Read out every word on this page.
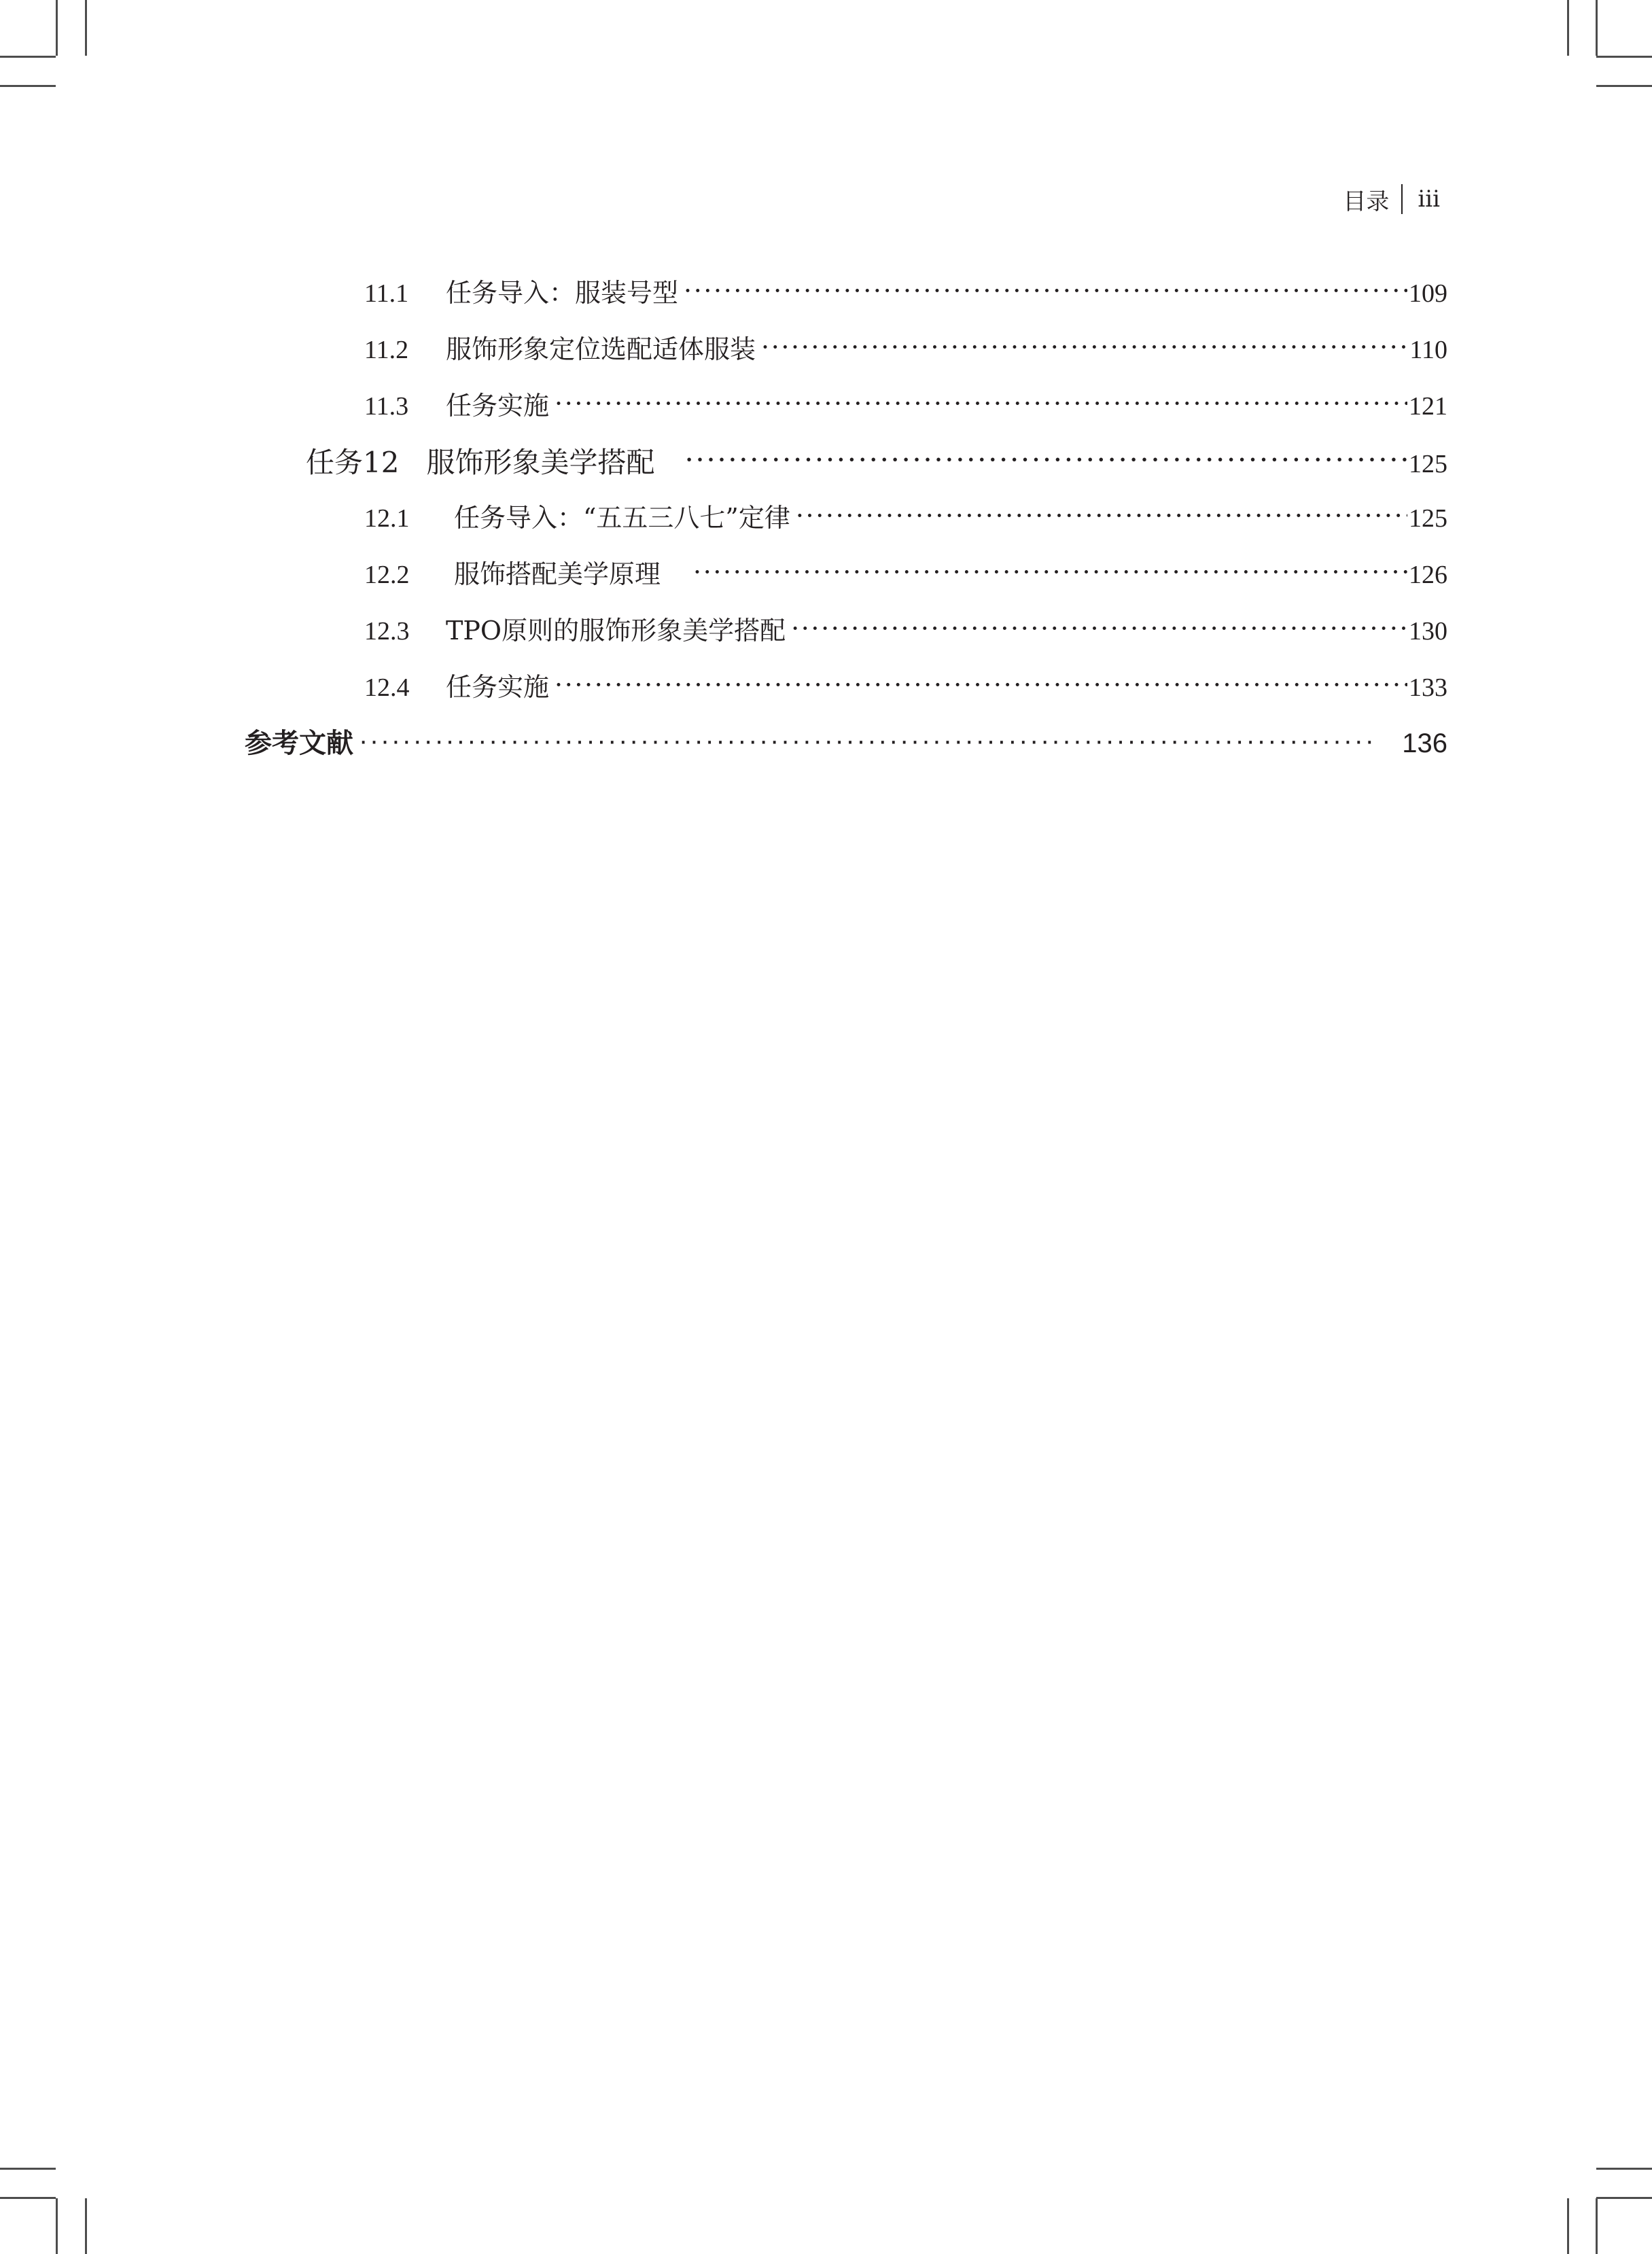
目录 iii
11.1	任务导入：服装号型 ·····	109
11.2	服饰形象定位选配适体服装 ·····	110
11.3	任务实施 ·····	121
任务12 服饰形象美学搭配 ·····	125
12.1	任务导入：“五五三八七”定律 ·····	125
12.2	服饰搭配美学原理 ·····	126
12.3	TPO原则的服饰形象美学搭配 ·····	130
12.4	任务实施 ·····	133
参考文献 ·····	136
